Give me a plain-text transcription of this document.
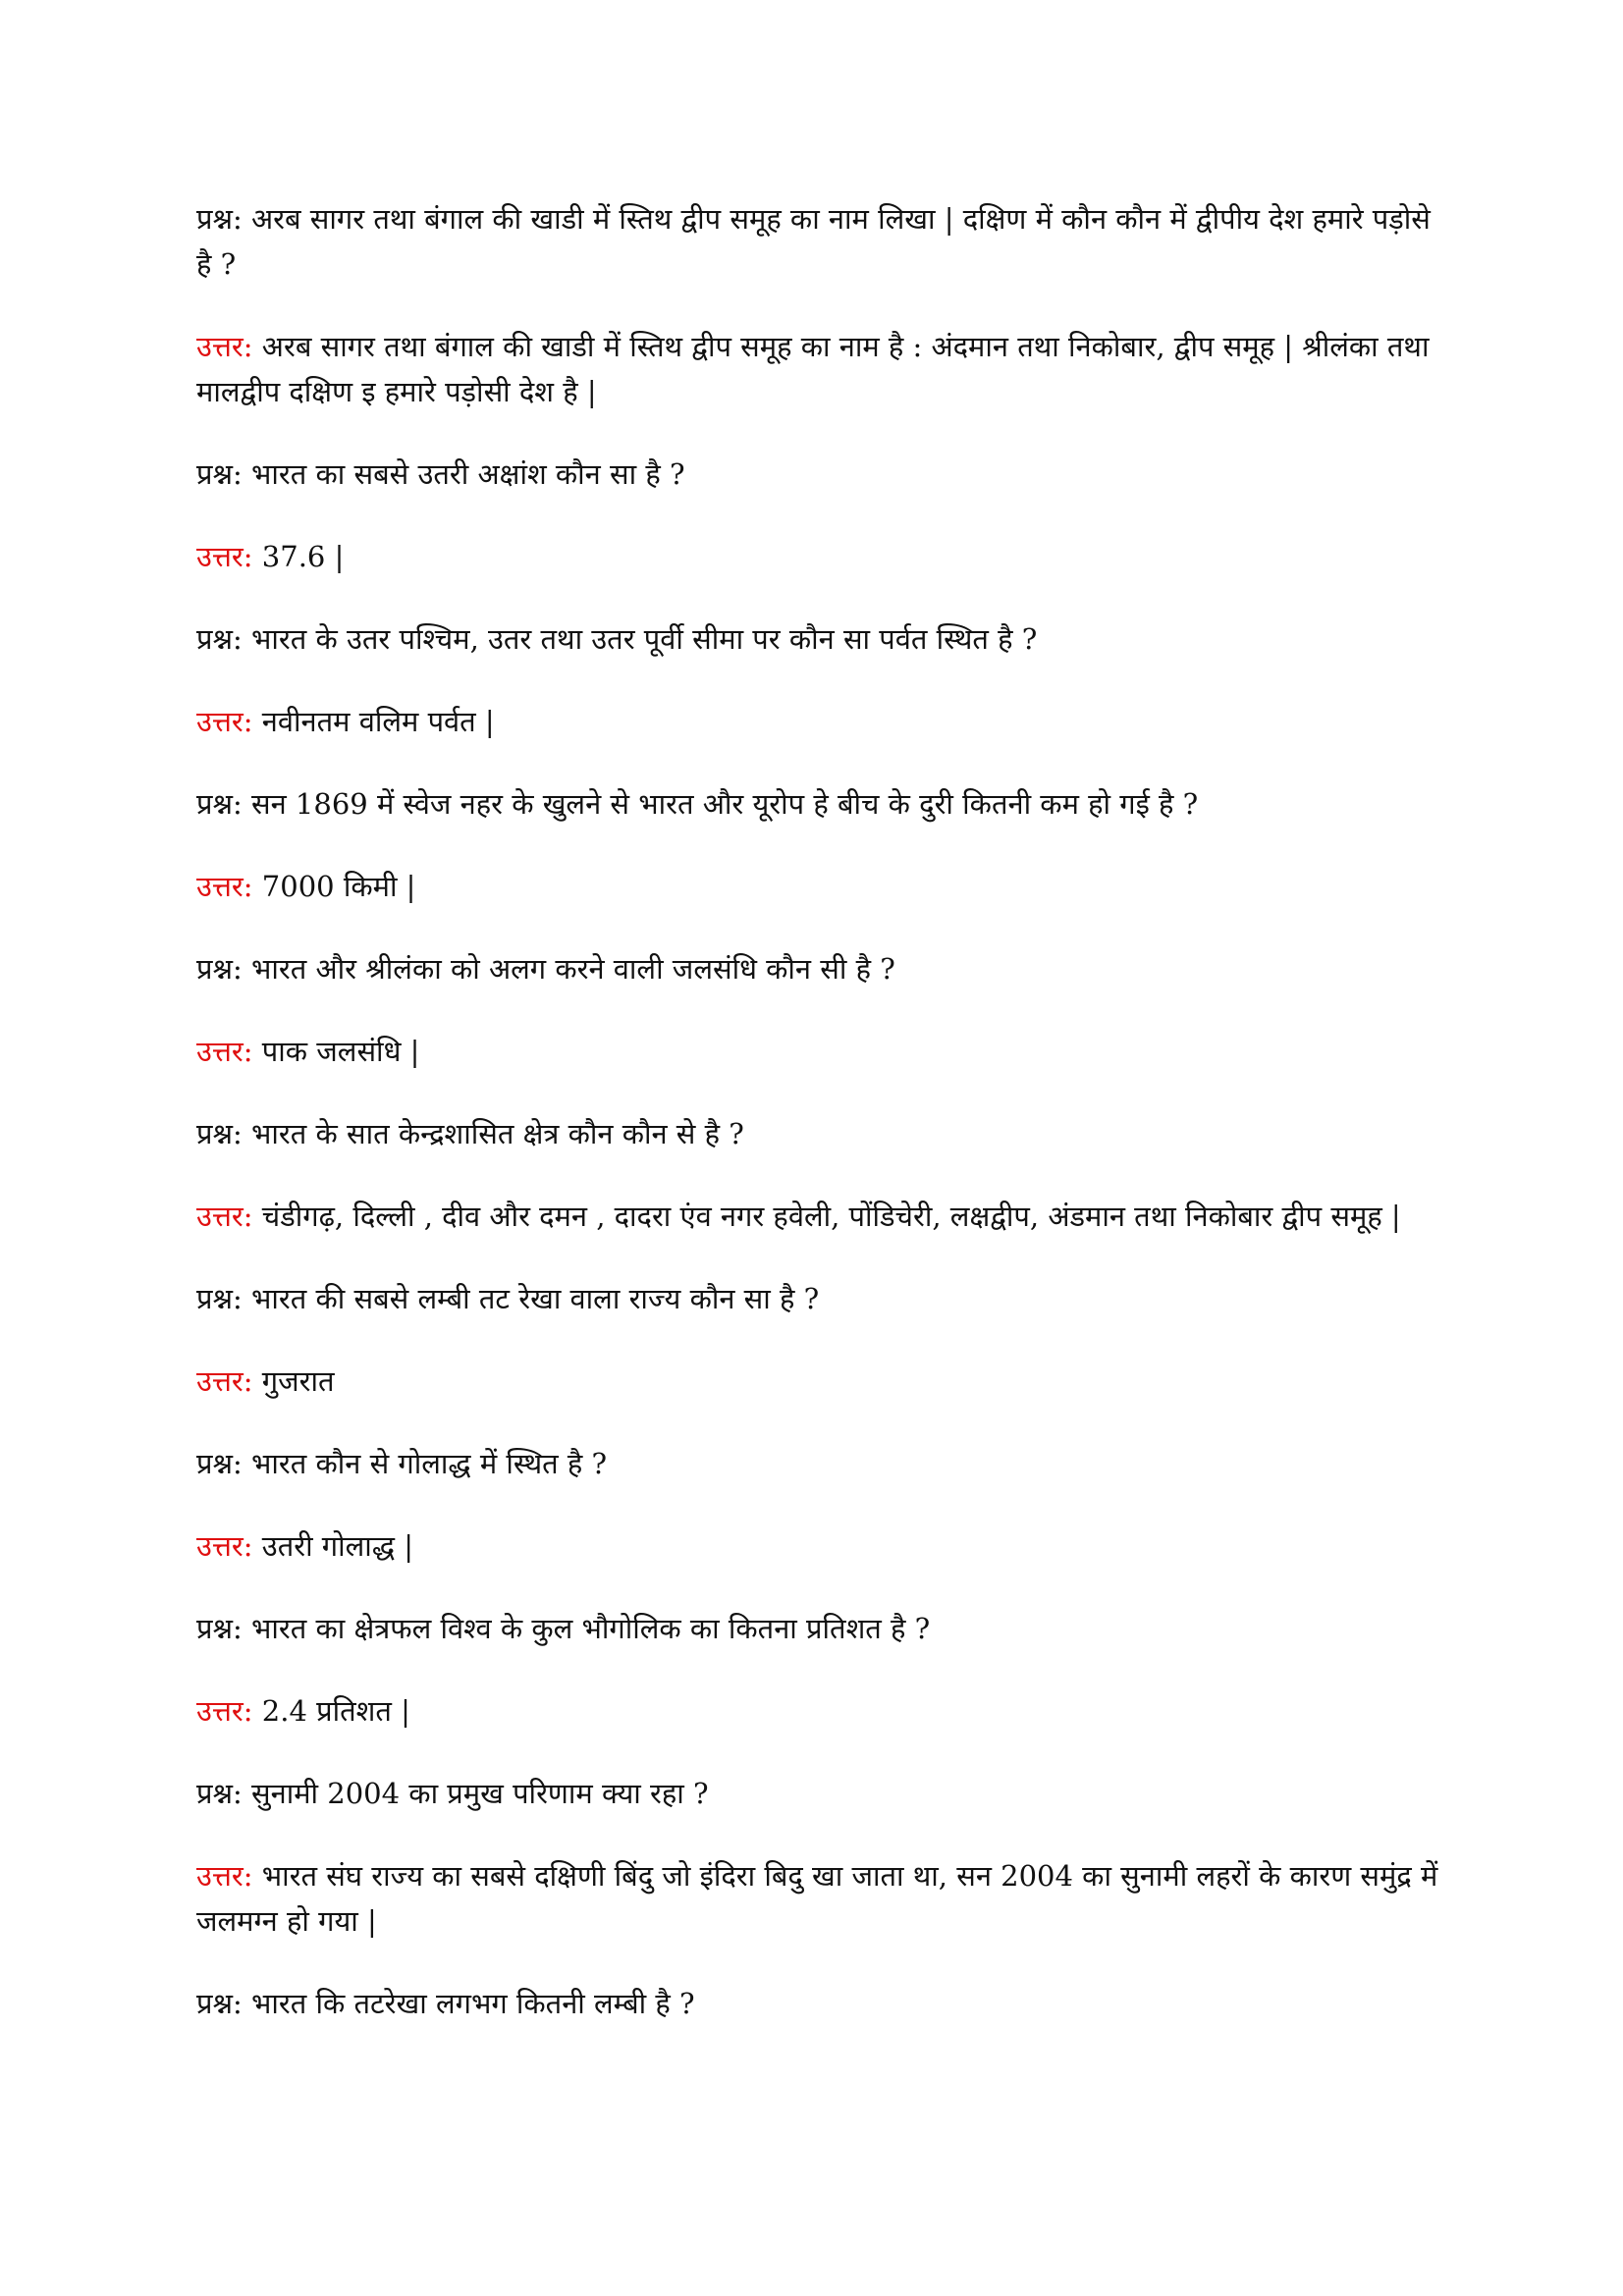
प्रश्न: अरब सागर तथा बंगाल की खाडी में स्तिथ द्वीप समूह का नाम लिखा | दक्षिण में कौन कौन में द्वीपीय देश हमारे पड़ोसे है ?

उत्तर: अरब सागर तथा बंगाल की खाडी में स्तिथ द्वीप समूह का नाम है : अंदमान तथा निकोबार, द्वीप समूह | श्रीलंका तथा मालद्वीप दक्षिण इ हमारे पड़ोसी देश है |

प्रश्न: भारत का सबसे उतरी अक्षांश कौन सा है ?

उत्तर: 37.6 |

प्रश्न: भारत के उतर पश्चिम, उतर तथा उतर पूर्वी सीमा पर कौन सा पर्वत स्थित है ?

उत्तर: नवीनतम वलिम पर्वत |

प्रश्न: सन 1869 में स्वेज नहर के खुलने से भारत और यूरोप हे बीच के दुरी कितनी कम हो गई है ?

उत्तर: 7000 किमी |

प्रश्न: भारत और श्रीलंका को अलग करने वाली जलसंधि कौन सी है ?

उत्तर: पाक जलसंधि |

प्रश्न: भारत के सात केन्द्रशासित क्षेत्र कौन कौन से है ?

उत्तर: चंडीगढ़, दिल्ली , दीव और दमन , दादरा एंव नगर हवेली, पोंडिचेरी, लक्षद्वीप, अंडमान तथा निकोबार द्वीप समूह |

प्रश्न: भारत की सबसे लम्बी तट रेखा वाला राज्य कौन सा है ?

उत्तर: गुजरात

प्रश्न: भारत कौन से गोलाद्ध में स्थित है ?

उत्तर: उतरी गोलाद्ध |

प्रश्न: भारत का क्षेत्रफल विश्व के कुल भौगोलिक का कितना प्रतिशत है ?

उत्तर: 2.4 प्रतिशत |

प्रश्न: सुनामी 2004 का प्रमुख परिणाम क्या रहा ?

उत्तर: भारत संघ राज्य का सबसे दक्षिणी बिंदु जो इंदिरा बिदु खा जाता था, सन 2004 का सुनामी लहरों के कारण समुंद्र में जलमग्न हो गया |

प्रश्न: भारत कि तटरेखा लगभग कितनी लम्बी है ?
